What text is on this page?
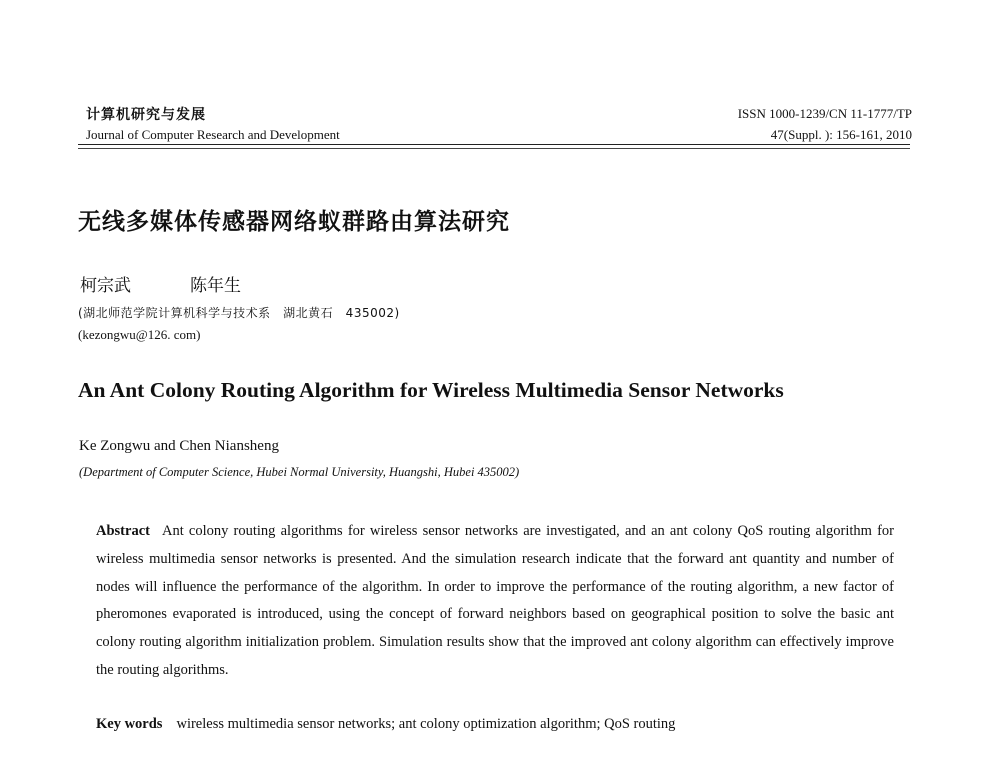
计算机研究与发展
Journal of Computer Research and Development
ISSN 1000-1239/CN 11-1777/TP
47(Suppl. ): 156-161, 2010
无线多媒体传感器网络蚁群路由算法研究
柯宗武	陈年生
(湖北师范学院计算机科学与技术系　湖北黄石　435002)
(kezongwu@126. com)
An Ant Colony Routing Algorithm for Wireless Multimedia Sensor Networks
Ke Zongwu and Chen Niansheng
(Department of Computer Science, Hubei Normal University, Huangshi, Hubei 435002)
Abstract Ant colony routing algorithms for wireless sensor networks are investigated, and an ant colony QoS routing algorithm for wireless multimedia sensor networks is presented. And the simulation research indicate that the forward ant quantity and number of nodes will influence the performance of the algorithm. In order to improve the performance of the routing algorithm, a new factor of pheromones evaporated is introduced, using the concept of forward neighbors based on geographical position to solve the basic ant colony routing algorithm initialization problem. Simulation results show that the improved ant colony algorithm can effectively improve the routing algorithms.
Key words wireless multimedia sensor networks; ant colony optimization algorithm; QoS routing
